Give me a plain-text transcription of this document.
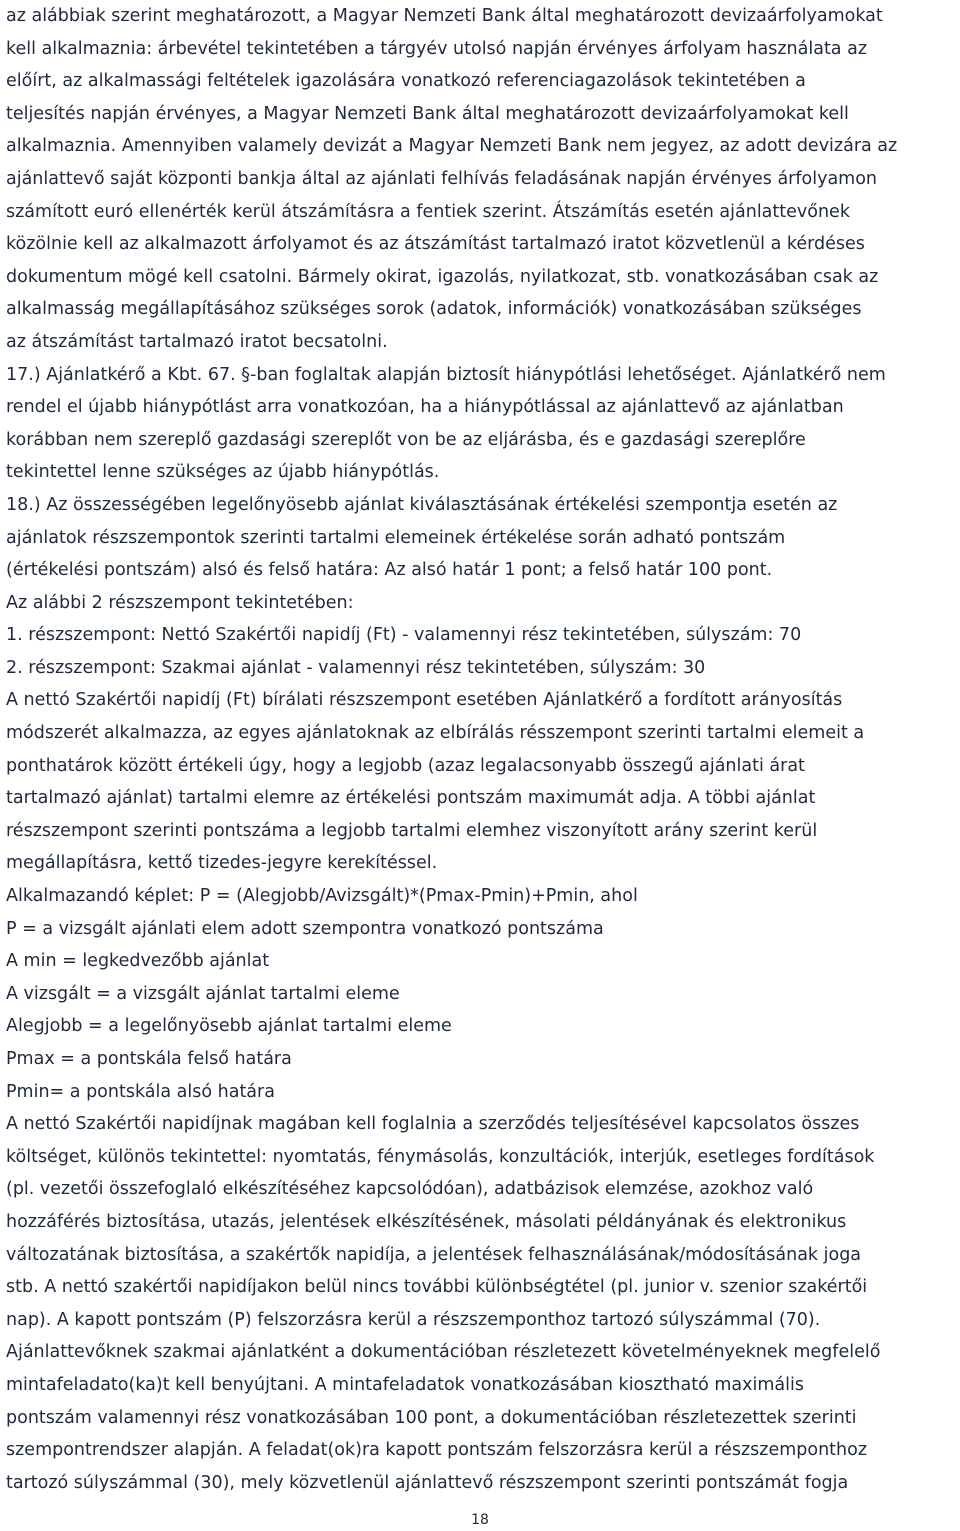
az alábbiak szerint meghatározott, a Magyar Nemzeti Bank által meghatározott devizaárfolyamokat
kell alkalmaznia: árbevétel tekintetében a tárgyév utolsó napján érvényes árfolyam használata az
előírt, az alkalmassági feltételek igazolására vonatkozó referenciagazolások tekintetében a
teljesítés napján érvényes, a Magyar Nemzeti Bank által meghatározott devizaárfolyamokat kell
alkalmaznia. Amennyiben valamely devizát a Magyar Nemzeti Bank nem jegyez, az adott devizára az
ajánlattevő saját központi bankja által az ajánlati felhívás feladásának napján érvényes árfolyamon
számított euró ellenérték kerül átszámításra a fentiek szerint. Átszámítás esetén ajánlattevőnek
közölnie kell az alkalmazott árfolyamot és az átszámítást tartalmazó iratot közvetlenül a kérdéses
dokumentum mögé kell csatolni. Bármely okirat, igazolás, nyilatkozat, stb. vonatkozásában csak az
alkalmasság megállapításához szükséges sorok (adatok, információk) vonatkozásában szükséges
az átszámítást tartalmazó iratot becsatolni.
17.) Ajánlatkérő a Kbt. 67. §-ban foglaltak alapján biztosít hiánypótlási lehetőséget. Ajánlatkérő nem
rendel el újabb hiánypótlást arra vonatkozóan, ha a hiánypótlással az ajánlattevő az ajánlatban
korábban nem szereplő gazdasági szereplőt von be az eljárásba, és e gazdasági szereplőre
tekintettel lenne szükséges az újabb hiánypótlás.
18.) Az összességében legelőnyösebb ajánlat kiválasztásának értékelési szempontja esetén az
ajánlatok részszempontok szerinti tartalmi elemeinek értékelése során adható pontszám
(értékelési pontszám) alsó és felső határa: Az alsó határ 1 pont; a felső határ 100 pont.
Az alábbi 2 részszempont tekintetében:
1. részszempont: Nettó Szakértői napidíj (Ft) - valamennyi rész tekintetében, súlyszám: 70
2. részszempont: Szakmai ajánlat - valamennyi rész tekintetében, súlyszám: 30
A nettó Szakértői napidíj (Ft) bírálati részszempont esetében Ajánlatkérő a fordított arányosítás
módszerét alkalmazza, az egyes ajánlatoknak az elbírálás résszempont szerinti tartalmi elemeit a
ponthatárok között értékeli úgy, hogy a legjobb (azaz legalacsonyabb összegű ajánlati árat
tartalmazó ajánlat) tartalmi elemre az értékelési pontszám maximumát adja. A többi ajánlat
részszempont szerinti pontszáma a legjobb tartalmi elemhez viszonyított arány szerint kerül
megállapításra, kettő tizedes-jegyre kerekítéssel.
Alkalmazandó képlet: P = (Alegjobb/Avizsgált)*(Pmax-Pmin)+Pmin, ahol
P = a vizsgált ajánlati elem adott szempontra vonatkozó pontszáma
A min = legkedvezőbb ajánlat
A vizsgált = a vizsgált ajánlat tartalmi eleme
Alegjobb = a legelőnyösebb ajánlat tartalmi eleme
Pmax = a pontskála felső határa
Pmin= a pontskála alsó határa
A nettó Szakértői napidíjnak magában kell foglalnia a szerződés teljesítésével kapcsolatos összes
költséget, különös tekintettel: nyomtatás, fénymásolás, konzultációk, interjúk, esetleges fordítások
(pl. vezetői összefoglaló elkészítéséhez kapcsolódóan), adatbázisok elemzése, azokhoz való
hozzáférés biztosítása, utazás, jelentések elkészítésének, másolati példányának és elektronikus
változatának biztosítása, a szakértők napidíja, a jelentések felhasználásának/módosításának joga
stb. A nettó szakértői napidíjakon belül nincs további különbségtétel (pl. junior v. szenior szakértői
nap). A kapott pontszám (P) felszorzásra kerül a részszemponthoz tartozó súlyszámmal (70).
Ajánlattevőknek szakmai ajánlatként a dokumentációban részletezett követelményeknek megfelelő
mintafeladato(ka)t kell benyújtani. A mintafeladatok vonatkozásában kiosztható maximális
pontszám valamennyi rész vonatkozásában 100 pont, a dokumentációban részletezettek szerinti
szempontrendszer alapján. A feladat(ok)ra kapott pontszám felszorzásra kerül a részszemponthoz
tartozó súlyszámmal (30), mely közvetlenül ajánlattevő részszempont szerinti pontszámát fogja
18
